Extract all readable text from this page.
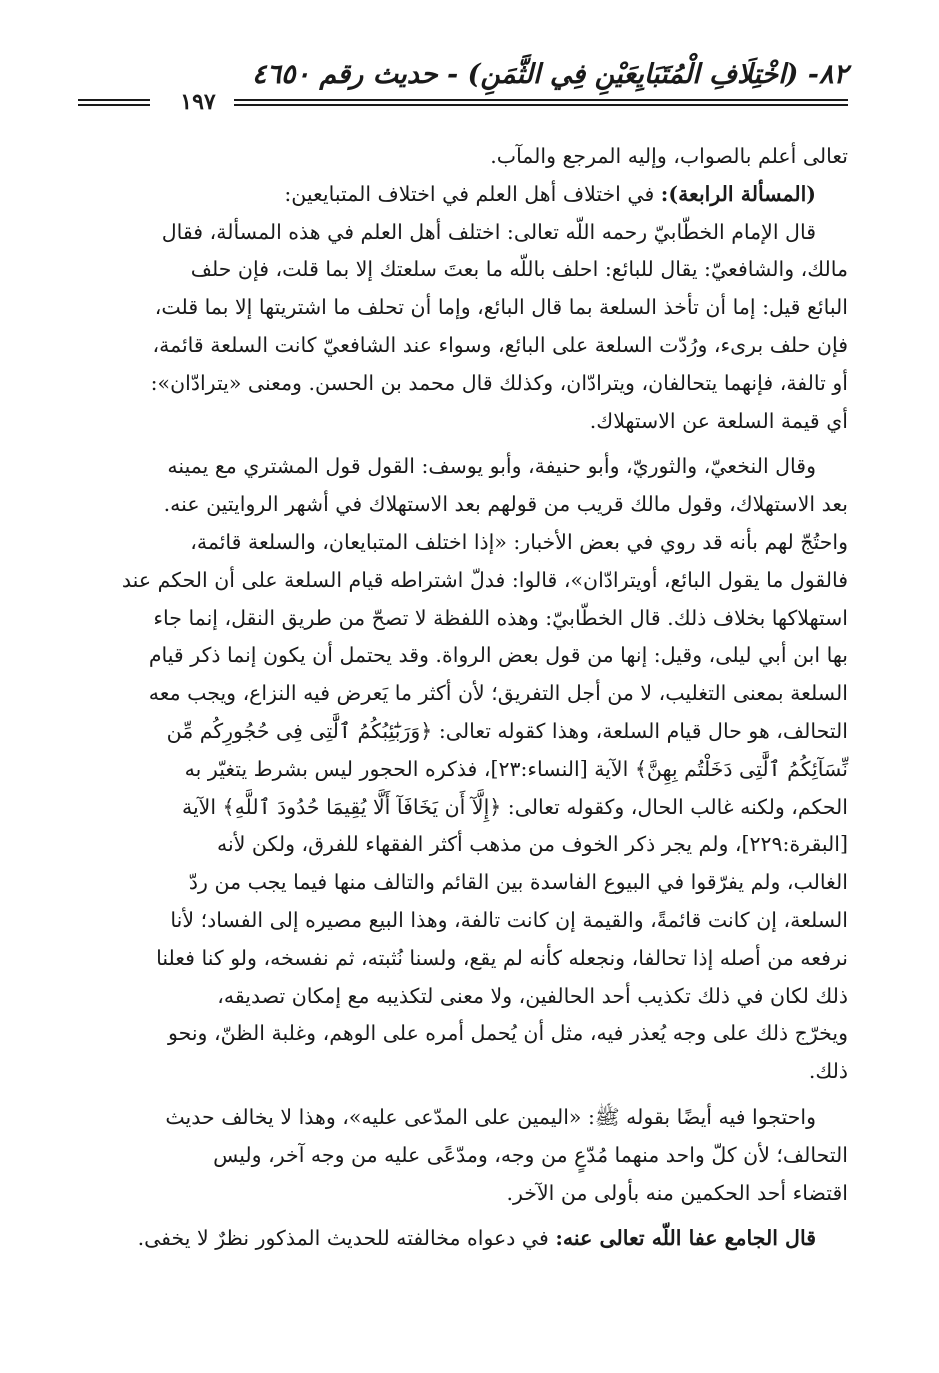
٨٢- (اخْتِلَافِ الْمُتَبَايِعَيْنِ فِي الثَّمَنِ) - حديث رقم ٤٦٥٠
١٩٧

تعالى أعلم بالصواب، وإليه المرجع والمآب.

(المسألة الرابعة): في اختلاف أهل العلم في اختلاف المتبايعين:

قال الإمام الخطّابيّ رحمه اللّه تعالى: اختلف أهل العلم في هذه المسألة، فقال
مالك، والشافعيّ: يقال للبائع: احلف باللّه ما بعتَ سلعتك إلا بما قلت، فإن حلف
البائع قيل: إما أن تأخذ السلعة بما قال البائع، وإما أن تحلف ما اشتريتها إلا بما قلت،
فإن حلف برىء، ورُدّت السلعة على البائع، وسواء عند الشافعيّ كانت السلعة قائمة،
أو تالفة، فإنهما يتحالفان، ويترادّان، وكذلك قال محمد بن الحسن. ومعنى «يترادّان»:
أي قيمة السلعة عن الاستهلاك.

وقال النخعيّ، والثوريّ، وأبو حنيفة، وأبو يوسف: القول قول المشتري مع يمينه
بعد الاستهلاك، وقول مالك قريب من قولهم بعد الاستهلاك في أشهر الروايتين عنه.
واحتُجّ لهم بأنه قد روي في بعض الأخبار: «إذا اختلف المتبايعان، والسلعة قائمة،
فالقول ما يقول البائع، أويترادّان»، قالوا: فدلّ اشتراطه قيام السلعة على أن الحكم عند
استهلاكها بخلاف ذلك. قال الخطّابيّ: وهذه اللفظة لا تصحّ من طريق النقل، إنما جاء
بها ابن أبي ليلى، وقيل: إنها من قول بعض الرواة. وقد يحتمل أن يكون إنما ذكر قيام
السلعة بمعنى التغليب، لا من أجل التفريق؛ لأن أكثر ما يَعرض فيه النزاع، ويجب معه
التحالف، هو حال قيام السلعة، وهذا كقوله تعالى: ﴿وَرَبَٰٓئِبُكُمُ ٱلَّٰتِى فِى حُجُورِكُم مِّن
نِّسَآئِكُمُ ٱلَّٰتِى دَخَلْتُم بِهِنَّ﴾ الآية [النساء:٢٣]، فذكره الحجور ليس بشرط يتغيّر به
الحكم، ولكنه غالب الحال، وكقوله تعالى: ﴿إِلَّآ أَن يَخَافَآ أَلَّا يُقِيمَا حُدُودَ ٱللَّهِ﴾ الآية
[البقرة:٢٢٩]، ولم يجر ذكر الخوف من مذهب أكثر الفقهاء للفرق، ولكن لأنه
الغالب، ولم يفرّقوا في البيوع الفاسدة بين القائم والتالف منها فيما يجب من ردّ
السلعة، إن كانت قائمةً، والقيمة إن كانت تالفة، وهذا البيع مصيره إلى الفساد؛ لأنا
نرفعه من أصله إذا تحالفا، ونجعله كأنه لم يقع، ولسنا نُثبته، ثم نفسخه، ولو كنا فعلنا
ذلك لكان في ذلك تكذيب أحد الحالفين، ولا معنى لتكذيبه مع إمكان تصديقه،
ويخرّج ذلك على وجه يُعذر فيه، مثل أن يُحمل أمره على الوهم، وغلبة الظنّ، ونحو
ذلك.

واحتجوا فيه أيضًا بقوله ﷺ: «اليمين على المدّعى عليه»، وهذا لا يخالف حديث
التحالف؛ لأن كلّ واحد منهما مُدّعٍ من وجه، ومدّعًى عليه من وجه آخر، وليس
اقتضاء أحد الحكمين منه بأولى من الآخر.

قال الجامع عفا اللّه تعالى عنه: في دعواه مخالفته للحديث المذكور نظرٌ لا يخفى.
